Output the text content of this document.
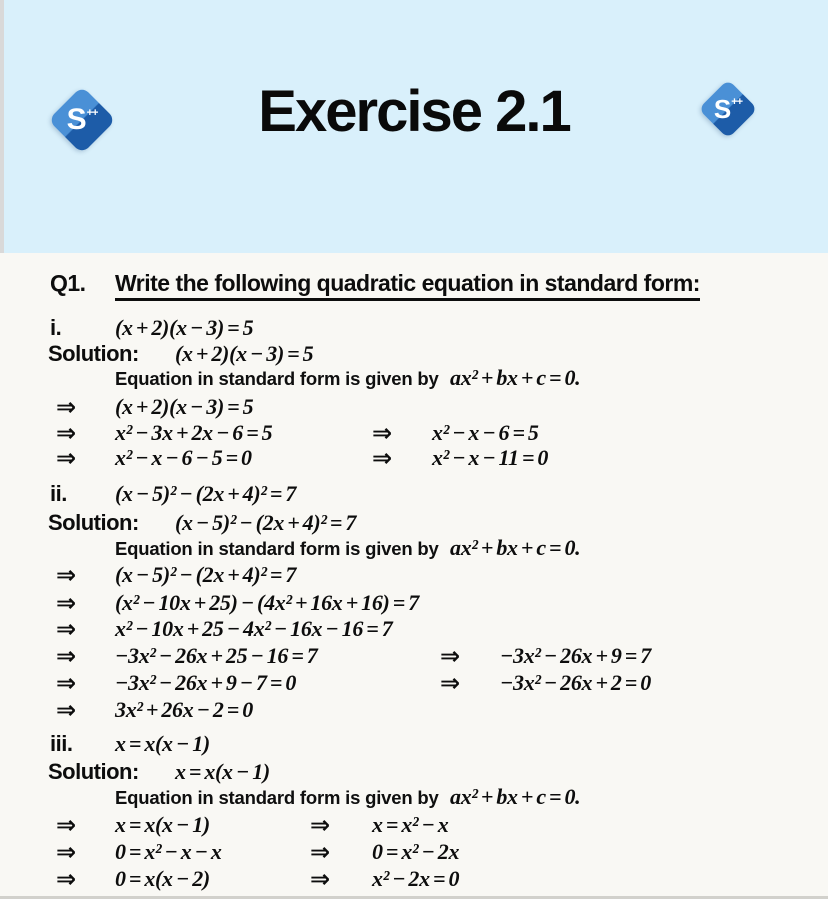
S ++	Exercise 2.1	S ++
Q1. Write the following quadratic equation in standard form:
i. (x + 2)(x − 3) = 5
Solution: (x + 2)(x − 3) = 5
Equation in standard form is given by ax² + bx + c = 0.
⇒ (x + 2)(x − 3) = 5
⇒ x² − 3x + 2x − 6 = 5	⇒ x² − x − 6 = 5
⇒ x² − x − 6 − 5 = 0	⇒ x² − x − 11 = 0
ii. (x − 5)² − (2x + 4)² = 7
Solution: (x − 5)² − (2x + 4)² = 7
Equation in standard form is given by ax² + bx + c = 0.
⇒ (x − 5)² − (2x + 4)² = 7
⇒ (x² − 10x + 25) − (4x² + 16x + 16) = 7
⇒ x² − 10x + 25 − 4x² − 16x − 16 = 7
⇒ −3x² − 26x + 25 − 16 = 7	⇒ −3x² − 26x + 9 = 7
⇒ −3x² − 26x + 9 − 7 = 0	⇒ −3x² − 26x + 2 = 0
⇒ 3x² + 26x − 2 = 0
iii. x = x(x − 1)
Solution: x = x(x − 1)
Equation in standard form is given by ax² + bx + c = 0.
⇒ x = x(x − 1)	⇒ x = x² − x
⇒ 0 = x² − x − x	⇒ 0 = x² − 2x
⇒ 0 = x(x − 2)	⇒ x² − 2x = 0
